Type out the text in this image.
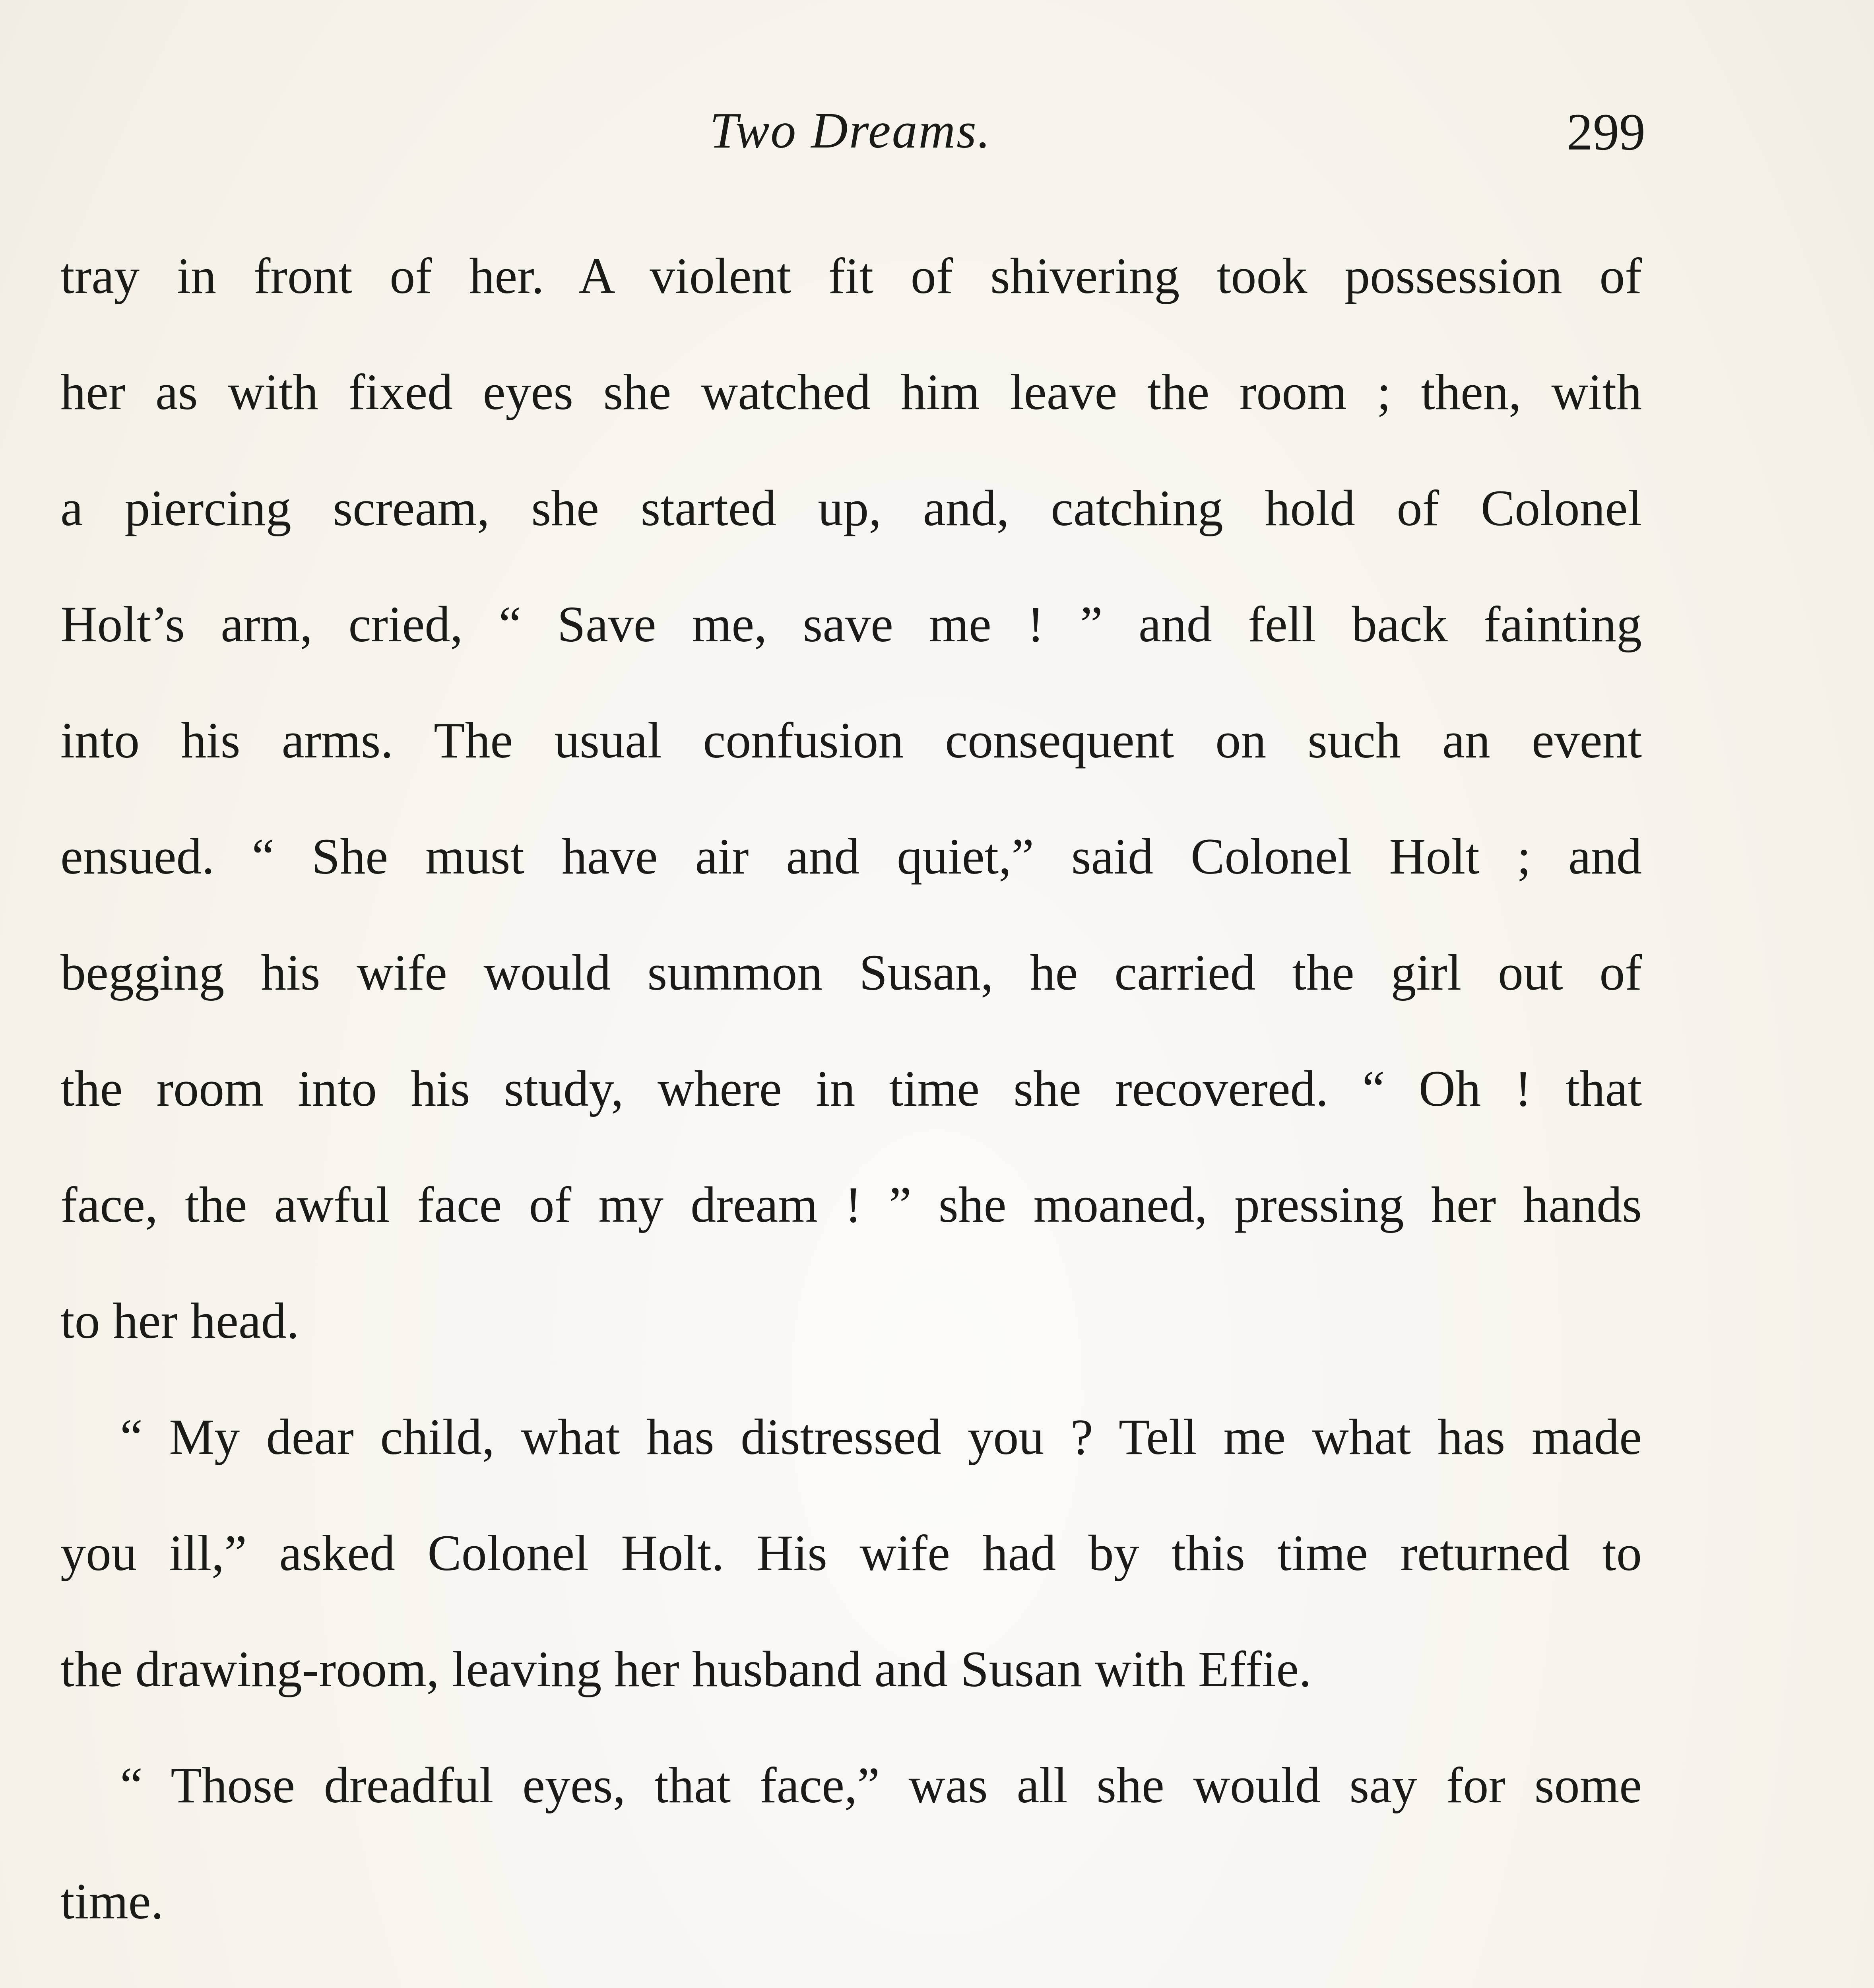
Two Dreams.	299
tray in front of her. A violent fit of shivering took possession of
her as with fixed eyes she watched him leave the room ; then, with
a piercing scream, she started up, and, catching hold of Colonel
Holt’s arm, cried, “ Save me, save me ! ” and fell back fainting
into his arms. The usual confusion consequent on such an event
ensued. “ She must have air and quiet,” said Colonel Holt ; and
begging his wife would summon Susan, he carried the girl out of
the room into his study, where in time she recovered. “ Oh ! that
face, the awful face of my dream ! ” she moaned, pressing her hands
to her head.
“ My dear child, what has distressed you ? Tell me what has made
you ill,” asked Colonel Holt. His wife had by this time returned to
the drawing-room, leaving her husband and Susan with Effie.
“ Those dreadful eyes, that face,” was all she would say for some
time.
